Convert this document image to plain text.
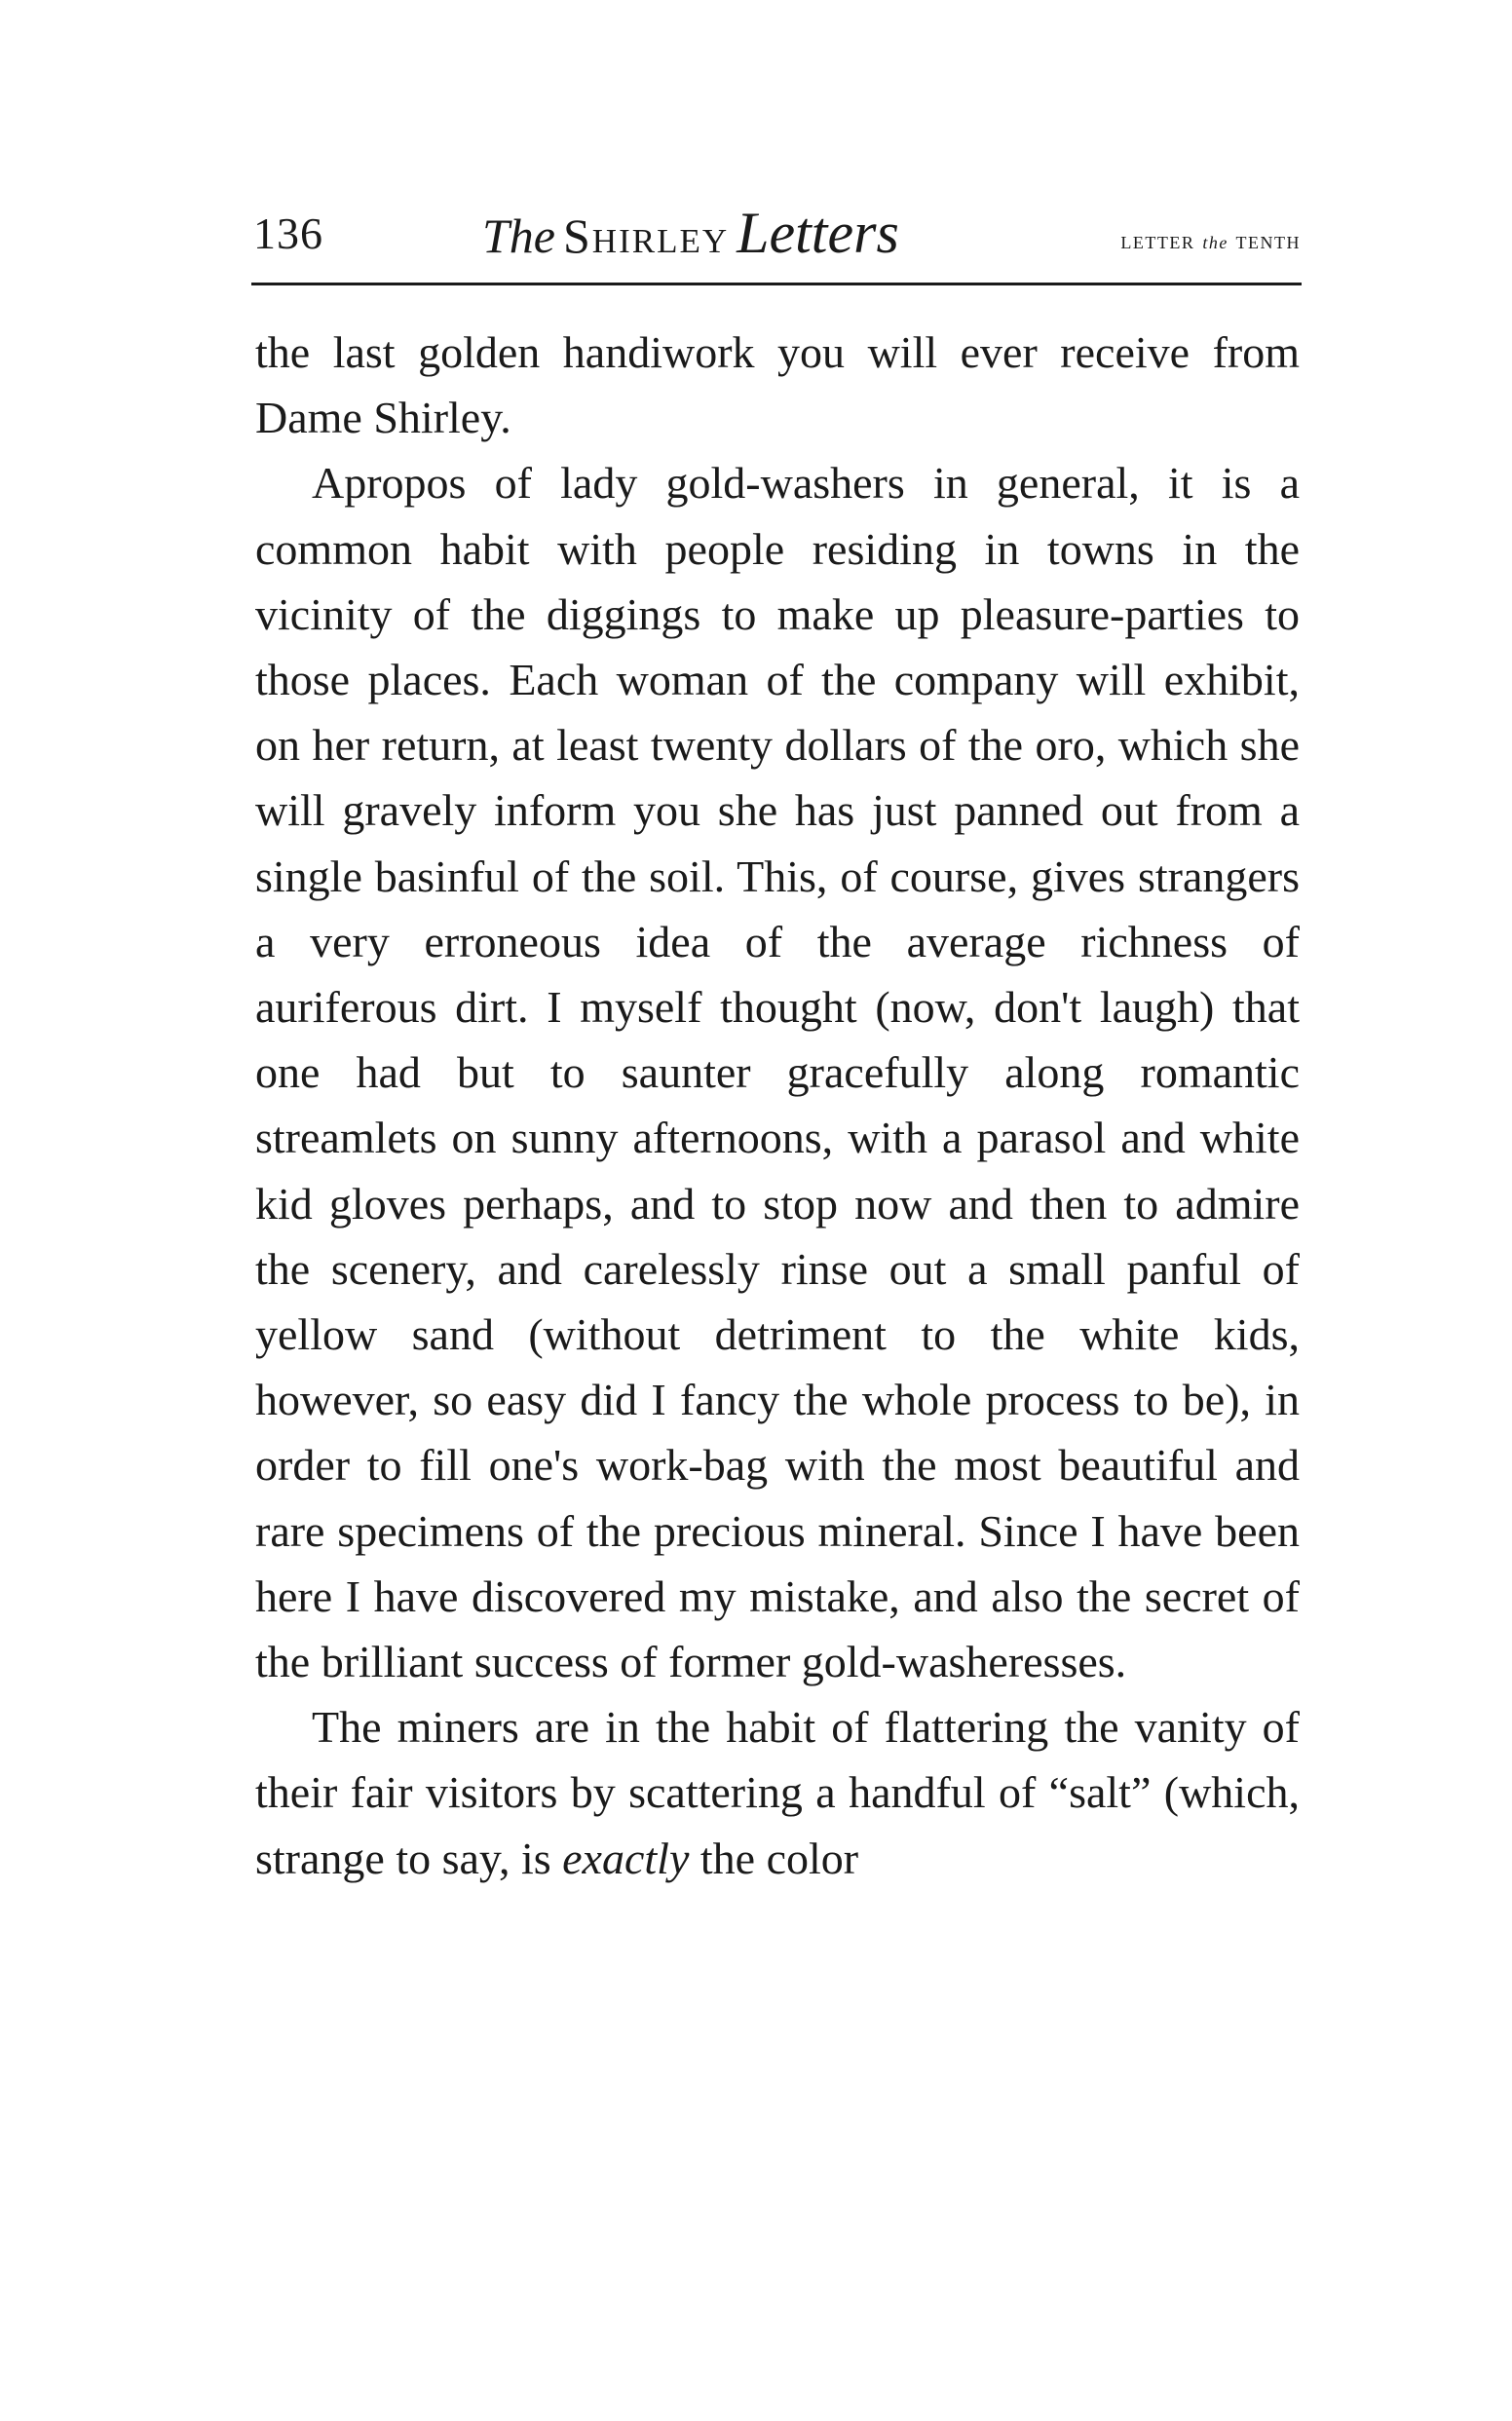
136	The Shirley Letters	LETTER the TENTH

the last golden handiwork you will ever receive from Dame Shirley.

Apropos of lady gold-washers in general, it is a common habit with people residing in towns in the vicinity of the diggings to make up pleasure-parties to those places. Each woman of the company will exhibit, on her return, at least twenty dollars of the oro, which she will gravely inform you she has just panned out from a single basinful of the soil. This, of course, gives strangers a very erroneous idea of the average richness of auriferous dirt. I myself thought (now, don't laugh) that one had but to saunter gracefully along romantic streamlets on sunny afternoons, with a parasol and white kid gloves perhaps, and to stop now and then to admire the scenery, and carelessly rinse out a small panful of yellow sand (without detriment to the white kids, however, so easy did I fancy the whole process to be), in order to fill one's work-bag with the most beautiful and rare specimens of the precious mineral. Since I have been here I have discovered my mistake, and also the secret of the brilliant success of former gold-washeresses.

The miners are in the habit of flattering the vanity of their fair visitors by scattering a handful of “salt” (which, strange to say, is exactly the color
